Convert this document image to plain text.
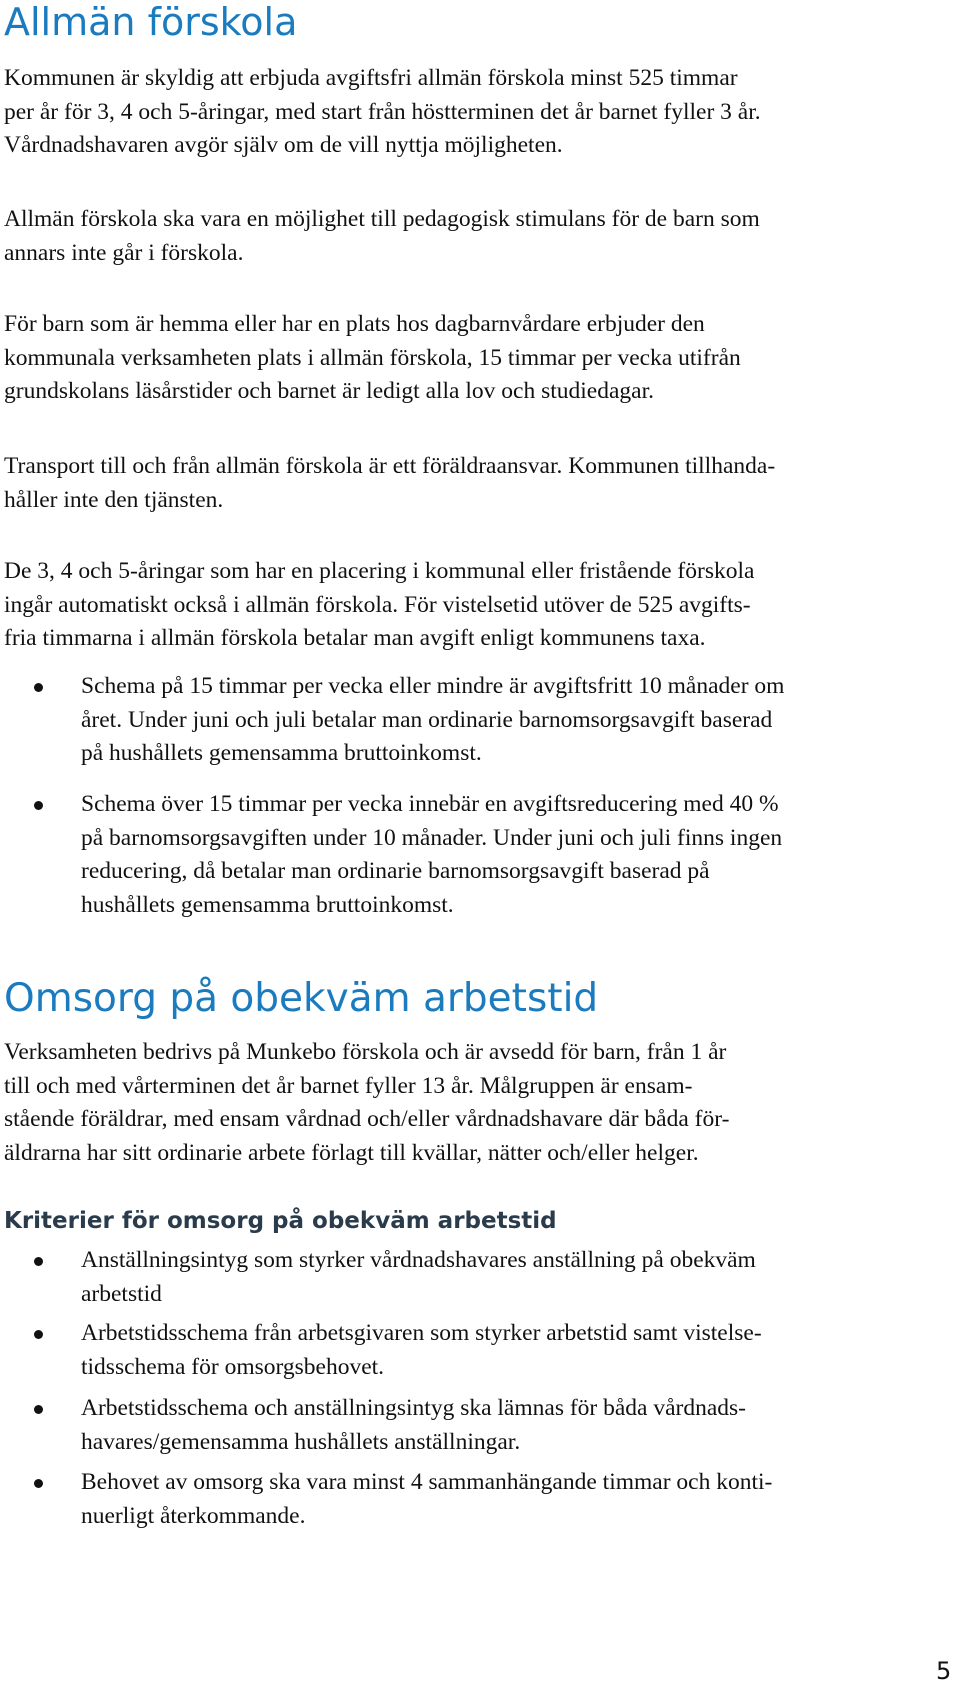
Allmän förskola
Kommunen är skyldig att erbjuda avgiftsfri allmän förskola minst 525 timmar
per år för 3, 4 och 5-åringar, med start från höstterminen det år barnet fyller 3 år.
Vårdnadshavaren avgör själv om de vill nyttja möjligheten.
Allmän förskola ska vara en möjlighet till pedagogisk stimulans för de barn som
annars inte går i förskola.
För barn som är hemma eller har en plats hos dagbarnvårdare erbjuder den
kommunala verksamheten plats i allmän förskola, 15 timmar per vecka utifrån
grundskolans läsårstider och barnet är ledigt alla lov och studiedagar.
Transport till och från allmän förskola är ett föräldraansvar. Kommunen tillhanda-
håller inte den tjänsten.
De 3, 4 och 5-åringar som har en placering i kommunal eller fristående förskola
ingår automatiskt också i allmän förskola. För vistelsetid utöver de 525 avgifts-
fria timmarna i allmän förskola betalar man avgift enligt kommunens taxa.
Schema på 15 timmar per vecka eller mindre är avgiftsfritt 10 månader om
året. Under juni och juli betalar man ordinarie barnomsorgsavgift baserad
på hushållets gemensamma bruttoinkomst.
Schema över 15 timmar per vecka innebär en avgiftsreducering med 40 %
på barnomsorgsavgiften under 10 månader. Under juni och juli finns ingen
reducering, då betalar man ordinarie barnomsorgsavgift baserad på
hushållets gemensamma bruttoinkomst.
Omsorg på obekväm arbetstid
Verksamheten bedrivs på Munkebo förskola och är avsedd för barn, från 1 år
till och med vårterminen det år barnet fyller 13 år. Målgruppen är ensam-
stående föräldrar, med ensam vårdnad och/eller vårdnadshavare där båda för-
äldrarna har sitt ordinarie arbete förlagt till kvällar, nätter och/eller helger.
Kriterier för omsorg på obekväm arbetstid
Anställningsintyg som styrker vårdnadshavares anställning på obekväm
arbetstid
Arbetstidsschema från arbetsgivaren som styrker arbetstid samt vistelse-
tidsschema för omsorgsbehovet.
Arbetstidsschema och anställningsintyg ska lämnas för båda vårdnads-
havares/gemensamma hushållets anställningar.
Behovet av omsorg ska vara minst 4 sammanhängande timmar och konti-
nuerligt återkommande.
5
